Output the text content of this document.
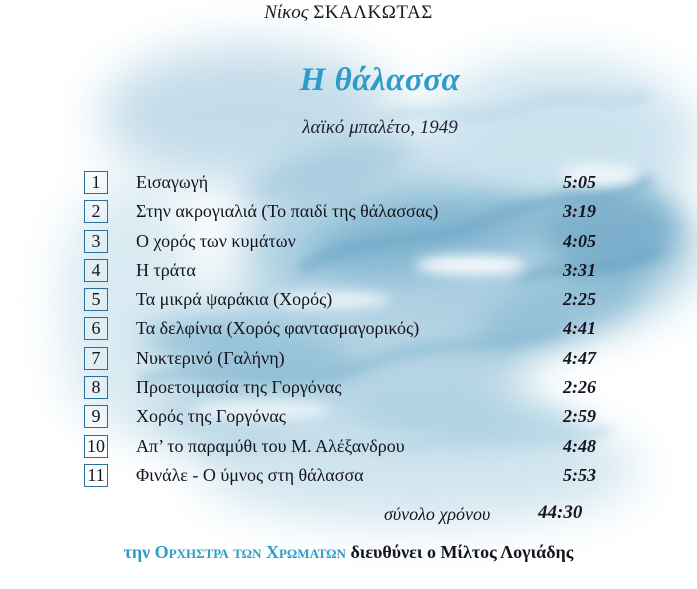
Νίκος ΣΚΑΛΚΩΤΑΣ
Η θάλασσα
λαϊκό μπαλέτο, 1949
1	Εισαγωγή	5:05
2	Στην ακρογιαλιά (Το παιδί της θάλασσας)	3:19
3	Ο χορός των κυμάτων	4:05
4	Η τράτα	3:31
5	Τα μικρά ψαράκια (Χορός)	2:25
6	Τα δελφίνια (Χορός φαντασμαγορικός)	4:41
7	Νυκτερινό (Γαλήνη)	4:47
8	Προετοιμασία της Γοργόνας	2:26
9	Χορός της Γοργόνας	2:59
10 Απ’ το παραμύθι του Μ. Αλέξανδρου	4:48
11 Φινάλε - Ο ύμνος στη θάλασσα	5:53
σύνολο χρόνου	44:30
την ΟΡΧΗΣΤΡΑ ΤΩΝ ΧΡΩΜΑΤΩΝ διευθύνει ο Μίλτος Λογιάδης
